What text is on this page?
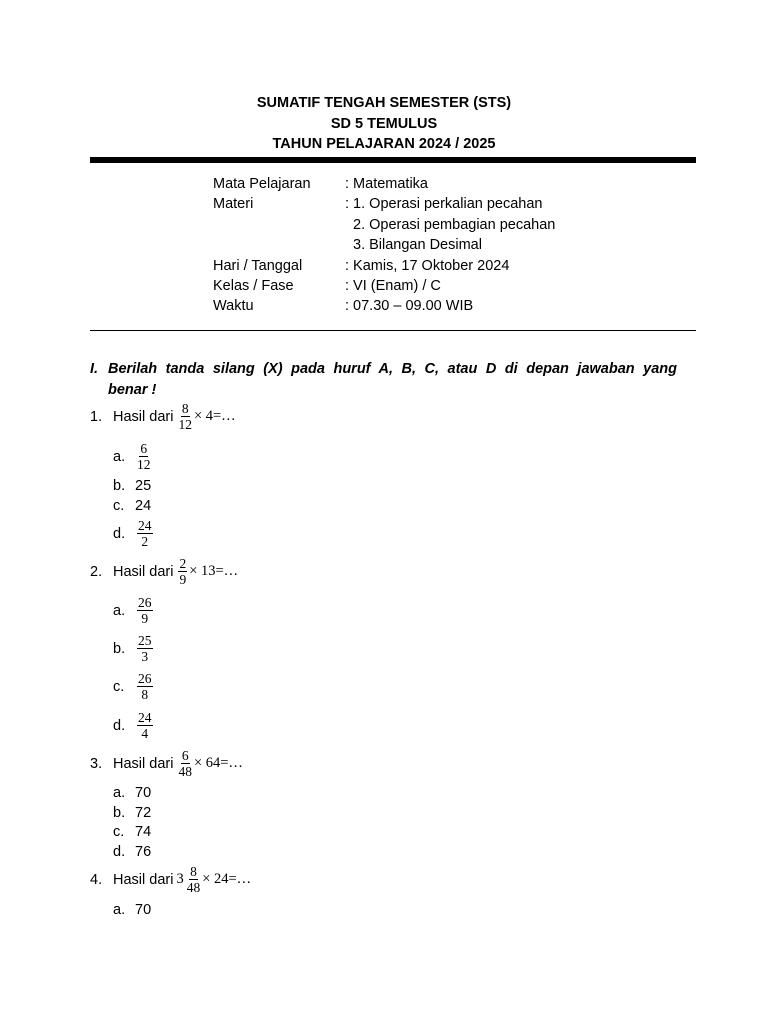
SUMATIF TENGAH SEMESTER (STS)
SD 5 TEMULUS
TAHUN PELAJARAN 2024 / 2025
Mata Pelajaran	: Matematika
Materi	: 1. Operasi perkalian pecahan
2. Operasi pembagian pecahan
3. Bilangan Desimal
Hari / Tanggal	: Kamis, 17 Oktober 2024
Kelas / Fase	: VI (Enam) / C
Waktu	: 07.30 – 09.00 WIB
I. Berilah tanda silang (X) pada huruf A, B, C, atau D di depan jawaban yang
benar !
1. Hasil dari $\frac{8}{12}$ × 4=…
a. $\frac{6}{12}$
b. 25
c. 24
d. $\frac{24}{2}$
2. Hasil dari $\frac{2}{9}$ × 13=…
a. $\frac{26}{9}$
b. $\frac{25}{3}$
c. $\frac{26}{8}$
d. $\frac{24}{4}$
3. Hasil dari $\frac{6}{48}$ × 64=…
a. 70
b. 72
c. 74
d. 76
4. Hasil dari $3 \frac{8}{48}$ × 24=…
a. 70
